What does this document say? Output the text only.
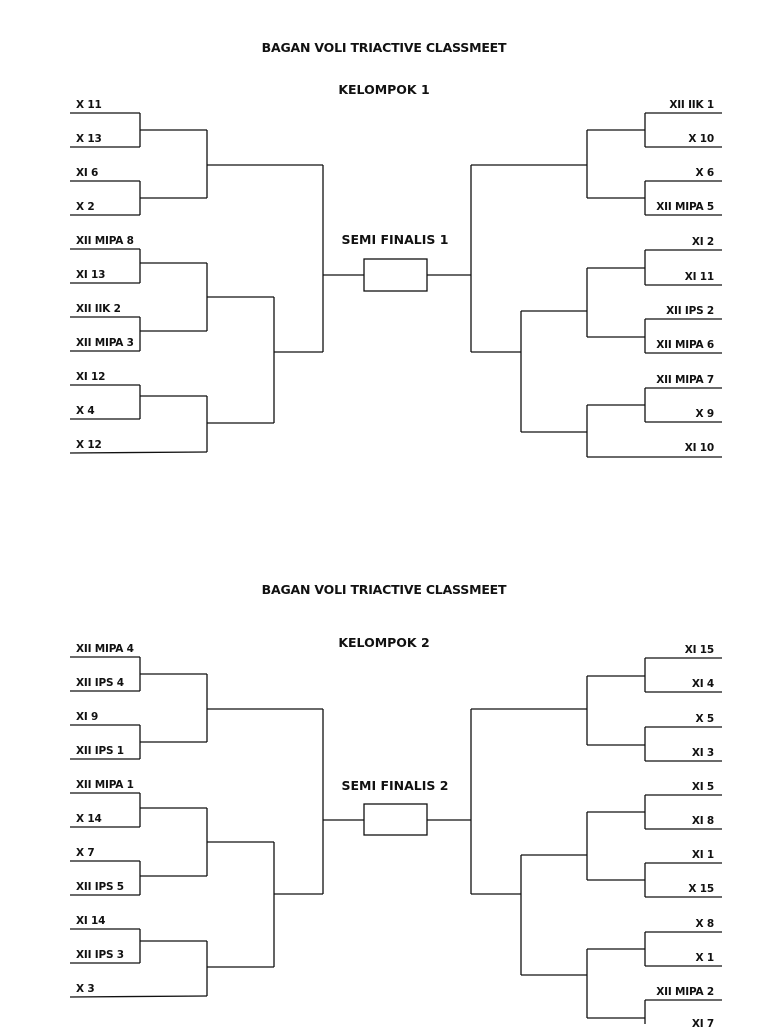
BAGAN VOLI TRIACTIVE CLASSMEET
KELOMPOK 1
SEMI FINALIS 1
BAGAN VOLI TRIACTIVE CLASSMEET
KELOMPOK 2
SEMI FINALIS 2
X 11
X 13
XI 6
X 2
XII MIPA 8
XI 13
XII IIK 2
XII MIPA 3
XI 12
X 4
X 12
XII IIK 1
X 10
X 6
XII MIPA 5
XI 2
XI 11
XII IPS 2
XII MIPA 6
XII MIPA 7
X 9
XI 10
XII MIPA 4
XII IPS 4
XI 9
XII IPS 1
XII MIPA 1
X 14
X 7
XII IPS 5
XI 14
XII IPS 3
X 3
XI 15
XI 4
X 5
XI 3
XI 5
XI 8
XI 1
X 15
X 8
X 1
XII MIPA 2
XI 7
